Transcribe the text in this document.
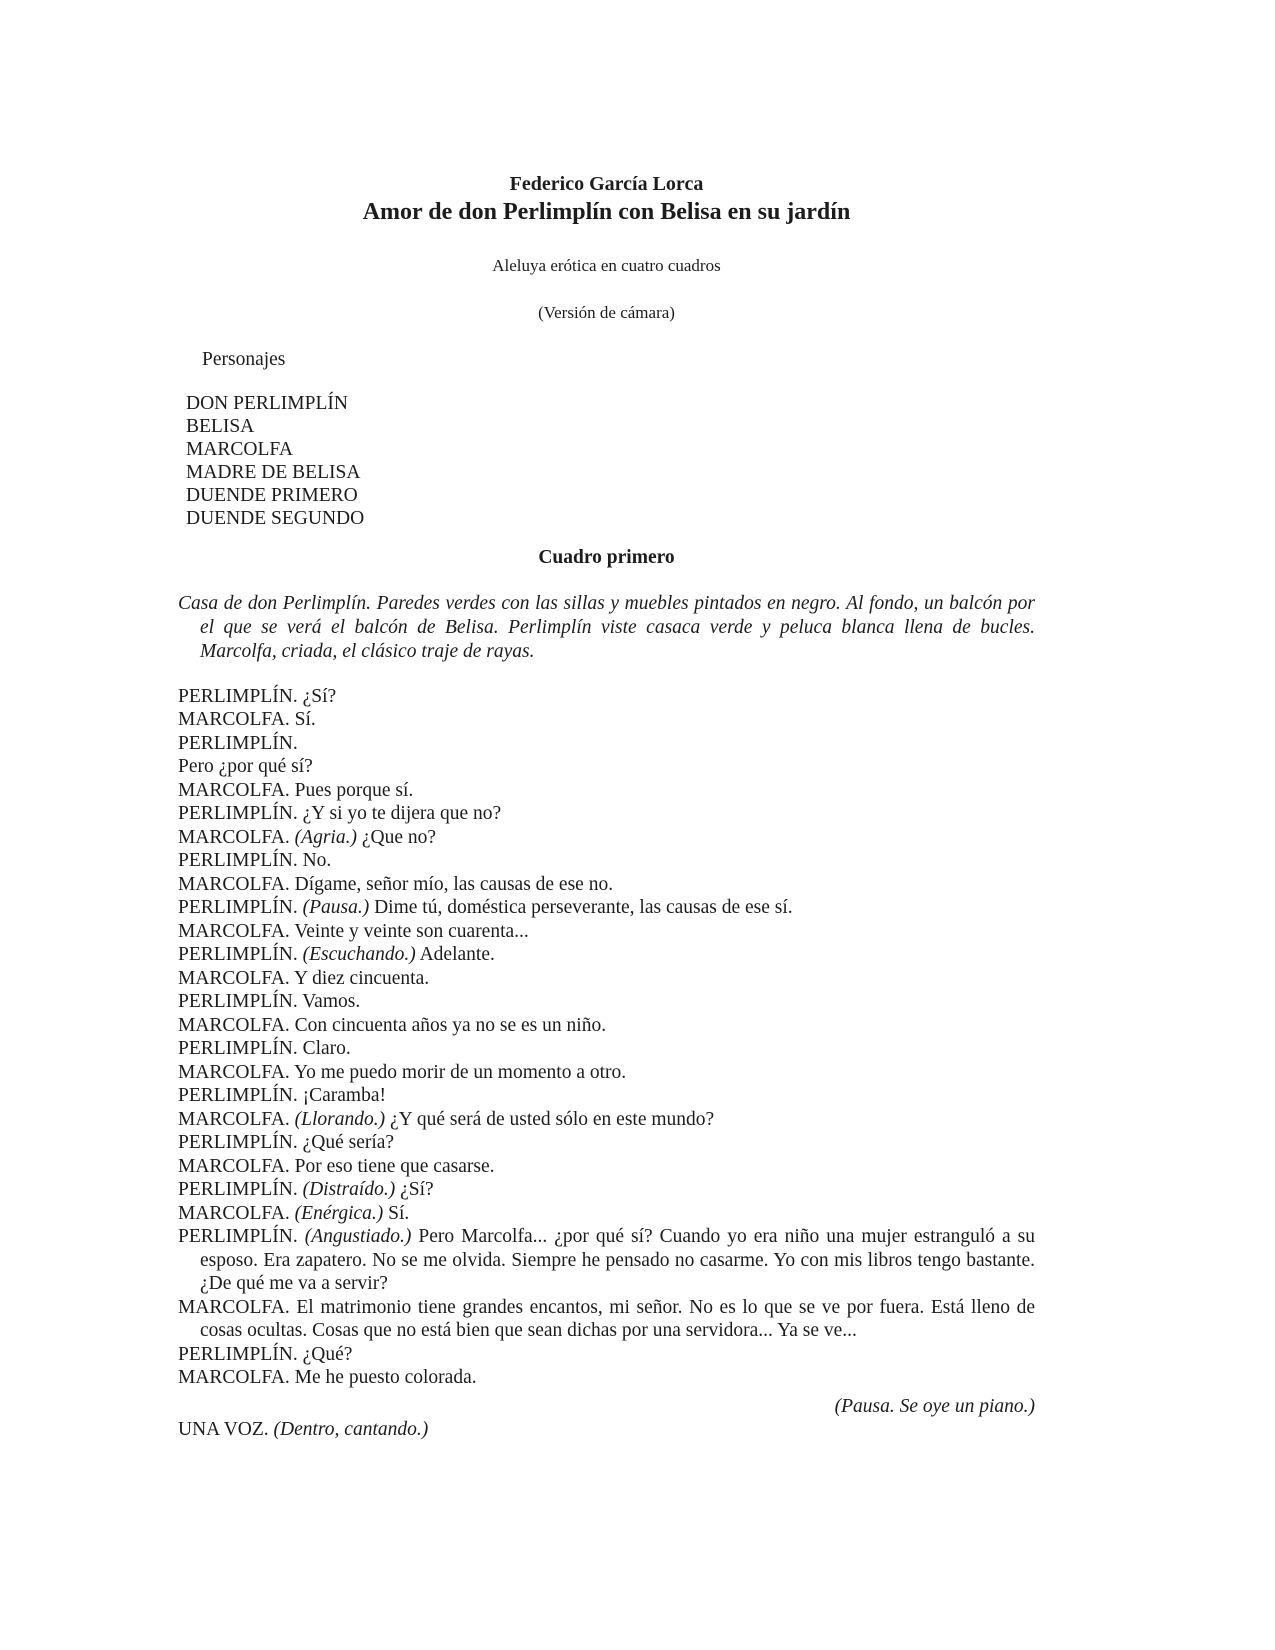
Federico García Lorca
Amor de don Perlimplín con Belisa en su jardín
Aleluya erótica en cuatro cuadros
(Versión de cámara)
Personajes
DON PERLIMPLÍN
BELISA
MARCOLFA
MADRE DE BELISA
DUENDE PRIMERO
DUENDE SEGUNDO
Cuadro primero

Casa de don Perlimplín. Paredes verdes con las sillas y muebles pintados en negro. Al fondo, un balcón por el que se verá el balcón de Belisa. Perlimplín viste casaca verde y peluca blanca llena de bucles. Marcolfa, criada, el clásico traje de rayas.

PERLIMPLÍN. ¿Sí?

MARCOLFA. Sí.

PERLIMPLÍN.

Pero ¿por qué sí?

MARCOLFA. Pues porque sí.

PERLIMPLÍN. ¿Y si yo te dijera que no?

MARCOLFA. (Agria.) ¿Que no?

PERLIMPLÍN. No.

MARCOLFA. Dígame, señor mío, las causas de ese no.

PERLIMPLÍN. (Pausa.) Dime tú, doméstica perseverante, las causas de ese sí.

MARCOLFA. Veinte y veinte son cuarenta...

PERLIMPLÍN. (Escuchando.) Adelante.

MARCOLFA. Y diez cincuenta.

PERLIMPLÍN. Vamos.

MARCOLFA. Con cincuenta años ya no se es un niño.

PERLIMPLÍN. Claro.

MARCOLFA. Yo me puedo morir de un momento a otro.

PERLIMPLÍN. ¡Caramba!

MARCOLFA. (Llorando.) ¿Y qué será de usted sólo en este mundo?

PERLIMPLÍN. ¿Qué sería?

MARCOLFA. Por eso tiene que casarse.

PERLIMPLÍN. (Distraído.) ¿Sí?

MARCOLFA. (Enérgica.) Sí.

PERLIMPLÍN. (Angustiado.) Pero Marcolfa... ¿por qué sí? Cuando yo era niño una mujer estranguló a su esposo. Era zapatero. No se me olvida. Siempre he pensado no casarme. Yo con mis libros tengo bastante. ¿De qué me va a servir?

MARCOLFA. El matrimonio tiene grandes encantos, mi señor. No es lo que se ve por fuera. Está lleno de cosas ocultas. Cosas que no está bien que sean dichas por una servidora... Ya se ve...

PERLIMPLÍN. ¿Qué?

MARCOLFA. Me he puesto colorada.

(Pausa. Se oye un piano.)

UNA VOZ. (Dentro, cantando.)
